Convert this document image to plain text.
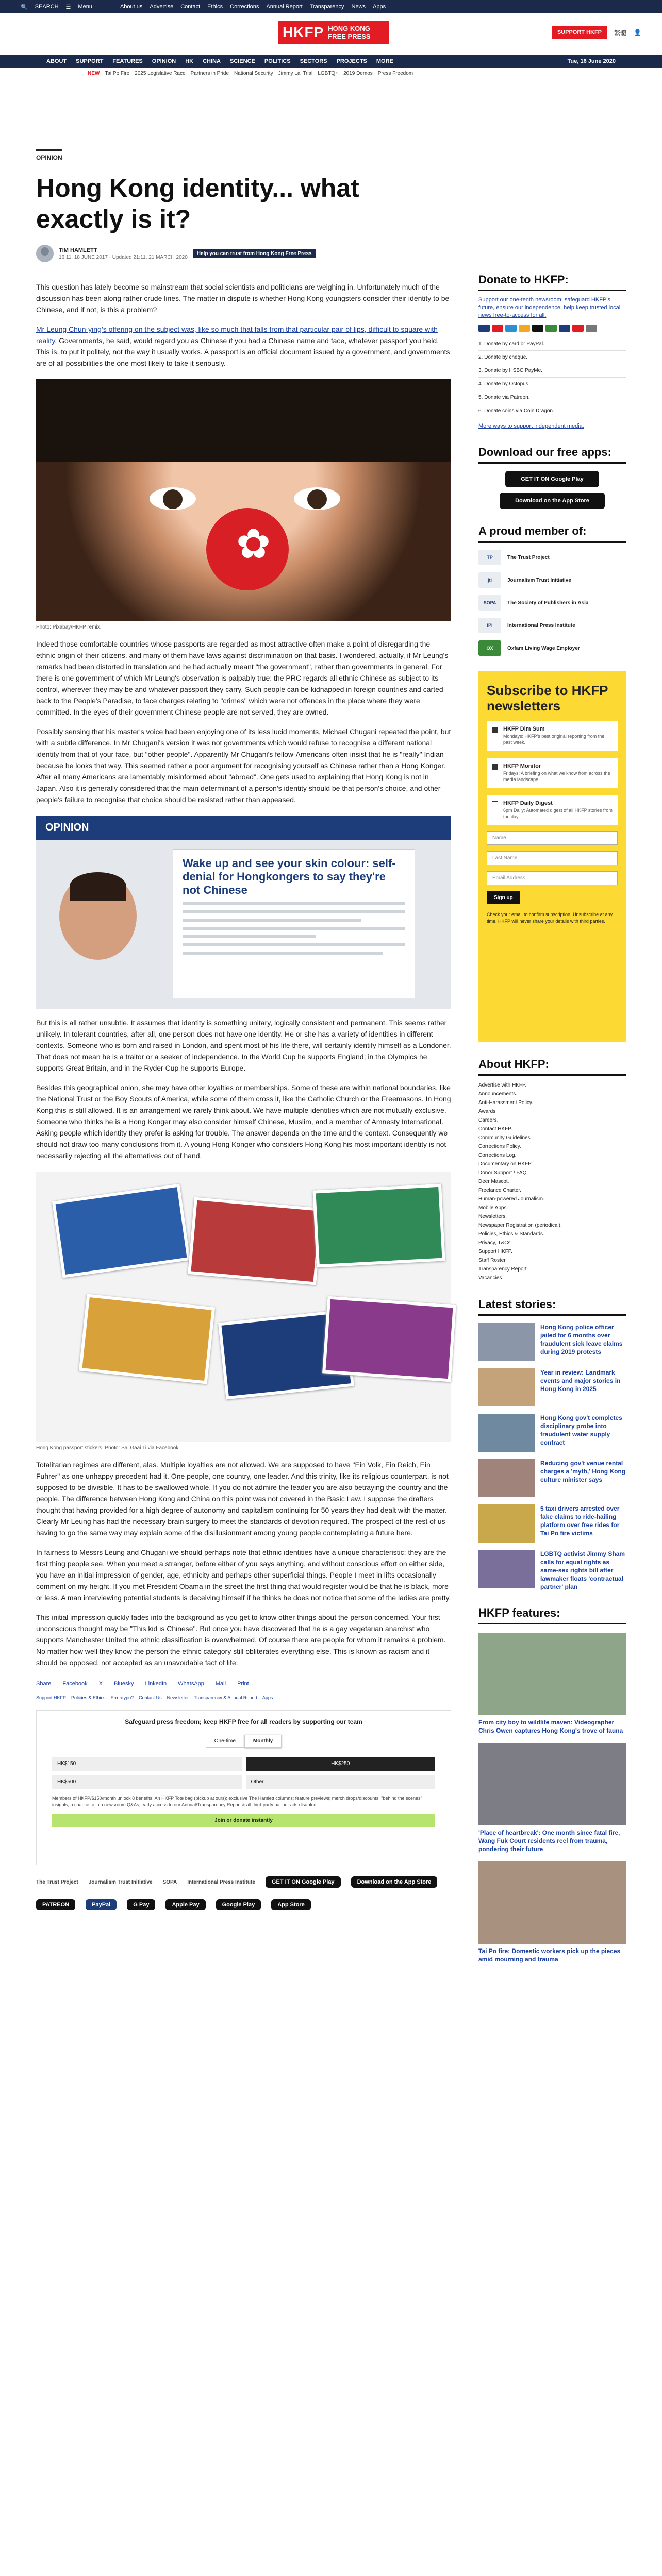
🔍 SEARCH ☰ Menu	About us Advertise Contact Ethics Corrections Annual Report Transparency News Apps
HKFP HONG KONG
FREE PRESS	SUPPORT HKFP	繁體 👤
ABOUT SUPPORT FEATURES OPINION HK CHINA SCIENCE POLITICS SECTORS PROJECTS MORE	Tue, 16 June 2020
NEW Tai Po Fire 2025 Legislative Race Partners in Pride National Security Jimmy Lai Trial LGBTQ+ 2019 Demos Press Freedom
OPINION
Hong Kong identity... what exactly is it?
TIM HAMLETT
16:11, 18 JUNE 2017 · Updated 21:11, 21 MARCH 2020
Help you can trust from Hong Kong Free Press

This question has lately become so mainstream that social scientists and politicians are weighing in. Unfortunately much of the discussion has been along rather crude lines. The matter in dispute is whether Hong Kong youngsters consider their identity to be Chinese, and if not, is this a problem?

Mr Leung Chun-ying’s offering on the subject was, like so much that falls from that particular pair of lips, difficult to square with reality. Governments, he said, would regard you as Chinese if you had a Chinese name and face, whatever passport you held. This is, to put it politely, not the way it usually works. A passport is an official document issued by a government, and governments are of all possibilities the one most likely to take it seriously.

✿
Photo: Pixabay/HKFP remix.

Indeed those comfortable countries whose passports are regarded as most attractive often make a point of disregarding the ethnic origin of their citizens, and many of them have laws against discrimination on that basis. I wondered, actually, if Mr Leung's remarks had been distorted in translation and he had actually meant "the government", rather than governments in general. For there is one government of which Mr Leung's observation is palpably true: the PRC regards all ethnic Chinese as subject to its control, wherever they may be and whatever passport they carry. Such people can be kidnapped in foreign countries and carted back to the People's Paradise, to face charges relating to "crimes" which were not offences in the place where they were committed. In the eyes of their government Chinese people are not served, they are owned.

Possibly sensing that his master's voice had been enjoying one of its less lucid moments, Michael Chugani repeated the point, but with a subtle difference. In Mr Chugani's version it was not governments which would refuse to recognise a different national identity from that of your face, but "other people". Apparently Mr Chugani's fellow-Americans often insist that he is "really" Indian because he looks that way. This seemed rather a poor argument for recognising yourself as Chinese rather than a Hong Konger. After all many Americans are lamentably misinformed about "abroad". One gets used to explaining that Hong Kong is not in Japan. Also it is generally considered that the main determinant of a person's identity should be that person's choice, and other people's failure to recognise that choice should be resisted rather than appeased.

OPINION
Wake up and see your skin colour: self-denial for Hongkongers to say they're not Chinese

But this is all rather unsubtle. It assumes that identity is something unitary, logically consistent and permanent. This seems rather unlikely. In tolerant countries, after all, one person does not have one identity. He or she has a variety of identities in different contexts. Someone who is born and raised in London, and spent most of his life there, will certainly identify himself as a Londoner. That does not mean he is a traitor or a seeker of independence. In the World Cup he supports England; in the Olympics he supports Great Britain, and in the Ryder Cup he supports Europe.

Besides this geographical onion, she may have other loyalties or memberships. Some of these are within national boundaries, like the National Trust or the Boy Scouts of America, while some of them cross it, like the Catholic Church or the Freemasons. In Hong Kong this is still allowed. It is an arrangement we rarely think about. We have multiple identities which are not mutually exclusive. Someone who thinks he is a Hong Konger may also consider himself Chinese, Muslim, and a member of Amnesty International. Asking people which identity they prefer is asking for trouble. The answer depends on the time and the context. Consequently we should not draw too many conclusions from it. A young Hong Konger who considers Hong Kong his most important identity is not necessarily rejecting all the alternatives out of hand.

Hong Kong passport stickers. Photo: Sai Gaai Ti via Facebook.

Totalitarian regimes are different, alas. Multiple loyalties are not allowed. We are supposed to have "Ein Volk, Ein Reich, Ein Fuhrer" as one unhappy precedent had it. One people, one country, one leader. And this trinity, like its religious counterpart, is not supposed to be divisible. It has to be swallowed whole. If you do not admire the leader you are also betraying the country and the people. The difference between Hong Kong and China on this point was not covered in the Basic Law. I suppose the drafters thought that having provided for a high degree of autonomy and capitalism continuing for 50 years they had dealt with the matter. Clearly Mr Leung has had the necessary brain surgery to meet the standards of devotion required. The prospect of the rest of us having to go the same way may explain some of the disillusionment among young people contemplating a future here.

In fairness to Messrs Leung and Chugani we should perhaps note that ethnic identities have a unique characteristic: they are the first thing people see. When you meet a stranger, before either of you says anything, and without conscious effort on either side, you have an initial impression of gender, age, ethnicity and perhaps other superficial things. People I meet in lifts occasionally comment on my height. If you met President Obama in the street the first thing that would register would be that he is black, more or less. A man interviewing potential students is deceiving himself if he thinks he does not notice that some of the ladies are pretty.

This initial impression quickly fades into the background as you get to know other things about the person concerned. Your first unconscious thought may be "This kid is Chinese". But once you have discovered that he is a gay vegetarian anarchist who supports Manchester United the ethnic classification is overwhelmed. Of course there are people for whom it remains a problem. No matter how well they know the person the ethnic category still obliterates everything else. This is known as racism and it should be opposed, not accepted as an unavoidable fact of life.

Share Facebook X Bluesky LinkedIn WhatsApp Mail Print
Support HKFP Policies & Ethics Error/typo? Contact Us Newsletter Transparency & Annual Report Apps
Safeguard press freedom; keep HKFP free for all readers by supporting our team
One-time	Monthly
HK$150	HK$250
HK$500	Other
Members of HKFP/$150/month unlock 8 benefits: An HKFP Tote bag (pickup at ours); exclusive The Hamlett columns; feature previews; merch drops/discounts; "behind the scenes" insights; a chance to join newsroom Q&As; early access to our Annual/Transparency Report & all third-party banner ads disabled.
Join or donate instantly
The Trust Project Journalism Trust Initiative SOPA International Press Institute	GET IT ON Google Play	Download on the App Store
PATREON	PayPal	G Pay	Apple Pay	Google Play	App Store
Donate to HKFP:
Support our one-tenth newsroom: safeguard HKFP's future, ensure our independence, help keep trusted local news free-to-access for all.
1. Donate by card or PayPal.
2. Donate by cheque.
3. Donate by HSBC PayMe.
4. Donate by Octopus.
5. Donate via Patreon.
6. Donate coins via Coin Dragon.
More ways to support independent media.
Download our free apps:
GET IT ON Google Play
Download on the App Store
A proud member of:
TP	The Trust Project
jti	Journalism Trust Initiative
SOPA	The Society of Publishers in Asia
IPI	International Press Institute
OX	Oxfam Living Wage Employer
Subscribe to HKFP newsletters
HKFP Dim Sum
Mondays: HKFP's best original reporting from the past week.
HKFP Monitor
Fridays: A briefing on what we know from across the media landscape.
HKFP Daily Digest
6pm Daily: Automated digest of all HKFP stories from the day.
Name
Last Name
Email Address
Sign up
Check your email to confirm subscription. Unsubscribe at any time. HKFP will never share your details with third parties.
About HKFP:
Advertise with HKFP.
Announcements.
Anti-Harassment Policy.
Awards.
Careers.
Contact HKFP.
Community Guidelines.
Corrections Policy.
Corrections Log.
Documentary on HKFP.
Donor Support / FAQ.
Deer Mascot.
Freelance Charter.
Human-powered Journalism.
Mobile Apps.
Newsletters.
Newspaper Registration (periodical).
Policies, Ethics & Standards.
Privacy, T&Cs.
Support HKFP.
Staff Roster.
Transparency Report.
Vacancies.
Latest stories:
Hong Kong police officer jailed for 6 months over fraudulent sick leave claims during 2019 protests
Year in review: Landmark events and major stories in Hong Kong in 2025
Hong Kong gov't completes disciplinary probe into fraudulent water supply contract
Reducing gov't venue rental charges a 'myth,' Hong Kong culture minister says
5 taxi drivers arrested over fake claims to ride-hailing platform over free rides for Tai Po fire victims
LGBTQ activist Jimmy Sham calls for equal rights as same-sex rights bill after lawmaker floats 'contractual partner' plan
HKFP features:
From city boy to wildlife maven: Videographer Chris Owen captures Hong Kong's trove of fauna
'Place of heartbreak': One month since fatal fire, Wang Fuk Court residents reel from trauma, pondering their future
Tai Po fire: Domestic workers pick up the pieces amid mourning and trauma
